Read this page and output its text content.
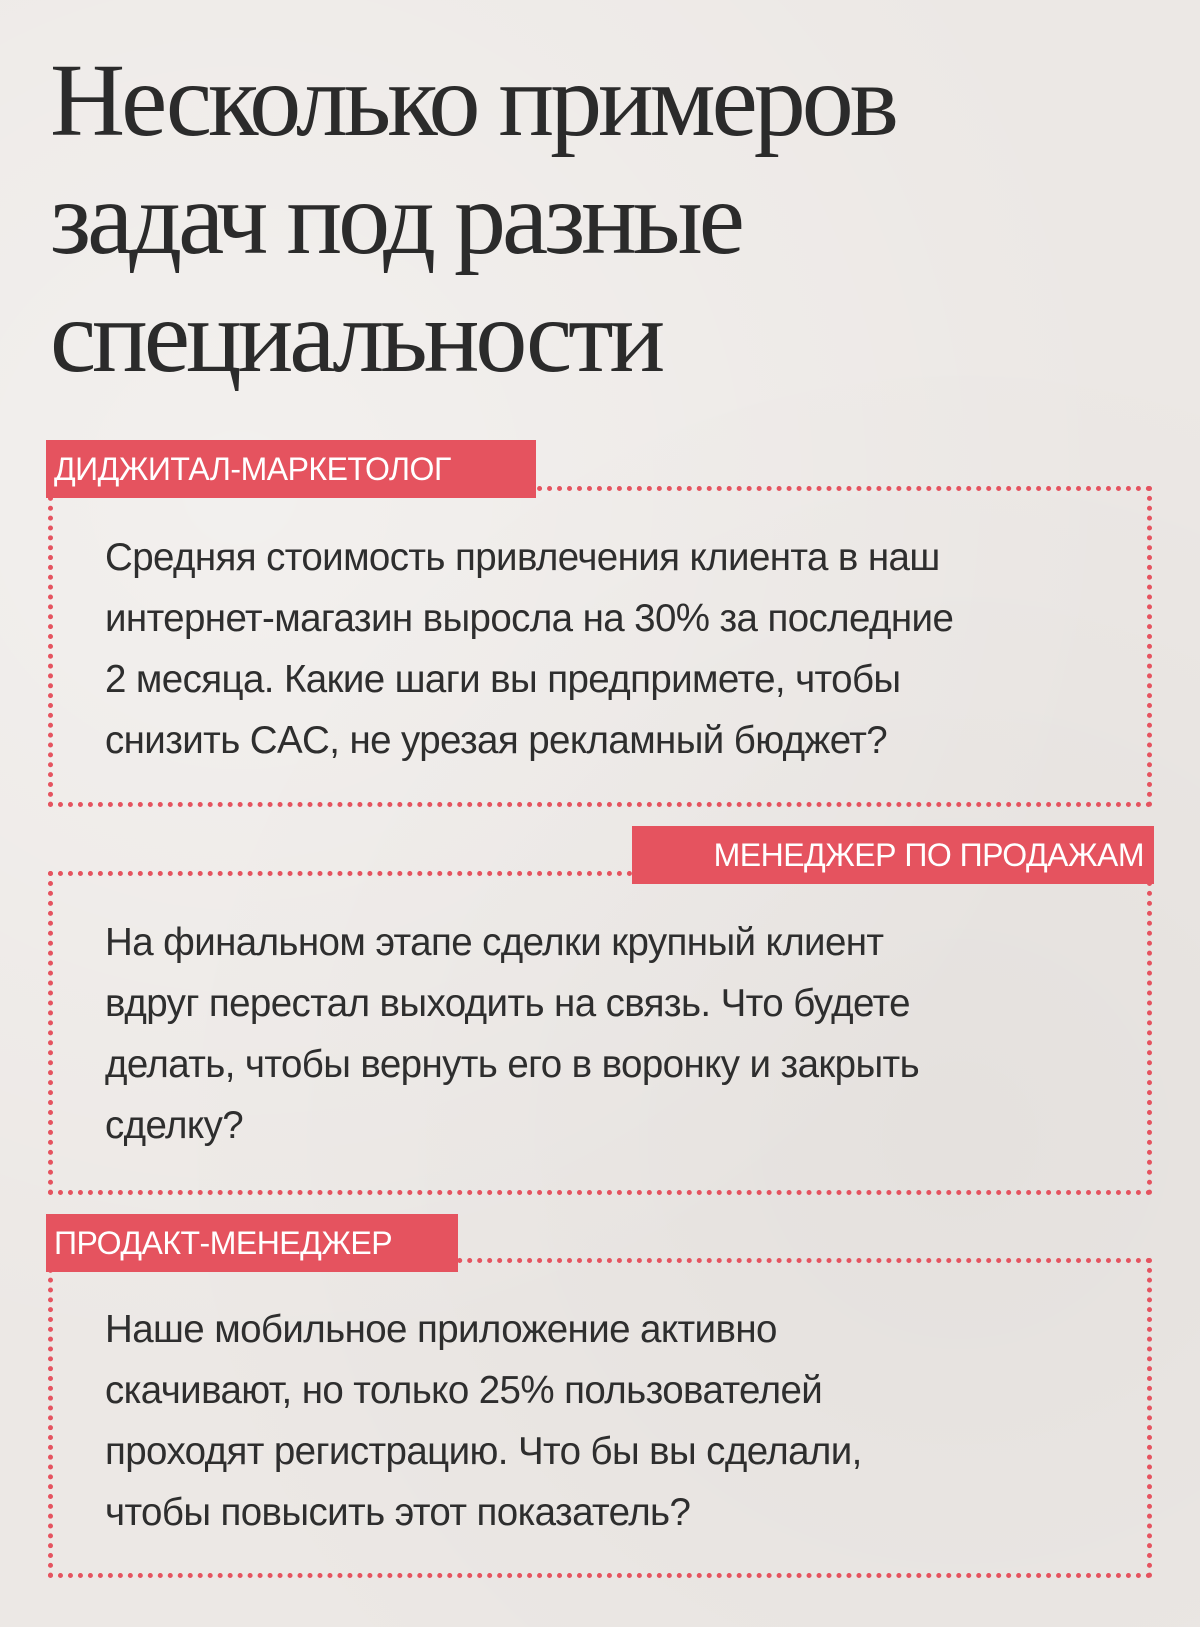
Несколько примеров
задач под разные
специальности

Средняя стоимость привлечения клиента в наш
интернет-магазин выросла на 30% за последние
2 месяца. Какие шаги вы предпримете, чтобы
снизить CAC, не урезая рекламный бюджет?

ДИДЖИТАЛ-МАРКЕТОЛОГ

На финальном этапе сделки крупный клиент
вдруг перестал выходить на связь. Что будете
делать, чтобы вернуть его в воронку и закрыть
сделку?

МЕНЕДЖЕР ПО ПРОДАЖАМ

Наше мобильное приложение активно
скачивают, но только 25% пользователей
проходят регистрацию. Что бы вы сделали,
чтобы повысить этот показатель?

ПРОДАКТ-МЕНЕДЖЕР
